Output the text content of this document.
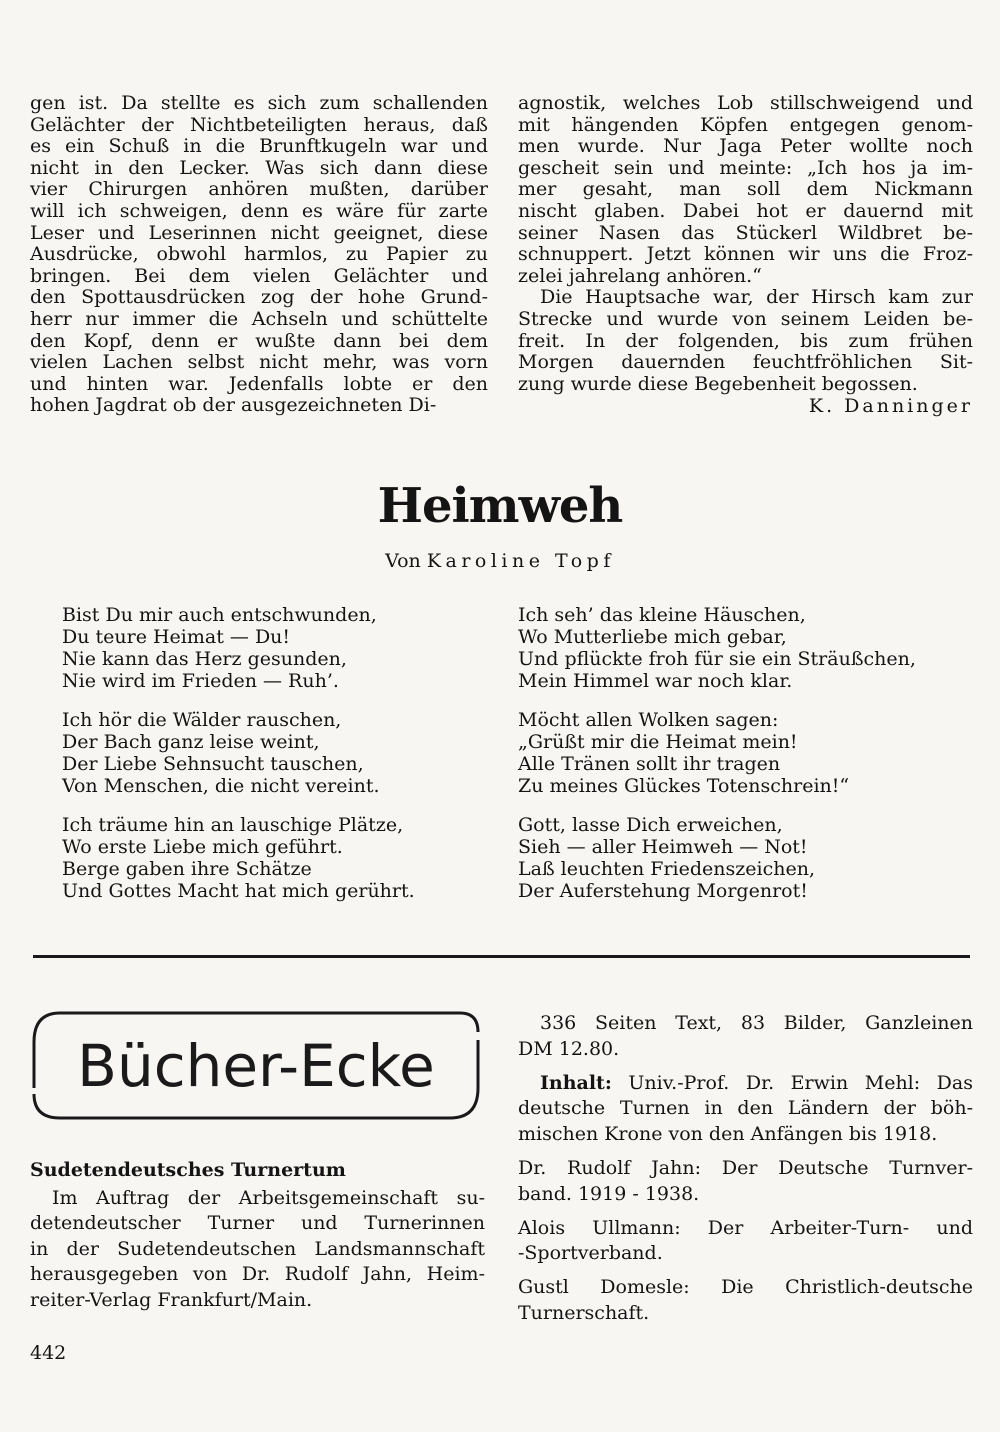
gen ist. Da stellte es sich zum schallenden
Gelächter der Nichtbeteiligten heraus, daß
es ein Schuß in die Brunftkugeln war und
nicht in den Lecker. Was sich dann diese
vier Chirurgen anhören mußten, darüber
will ich schweigen, denn es wäre für zarte
Leser und Leserinnen nicht geeignet, diese
Ausdrücke, obwohl harmlos, zu Papier zu
bringen. Bei dem vielen Gelächter und
den Spottausdrücken zog der hohe Grund-
herr nur immer die Achseln und schüttelte
den Kopf, denn er wußte dann bei dem
vielen Lachen selbst nicht mehr, was vorn
und hinten war. Jedenfalls lobte er den
hohen Jagdrat ob der ausgezeichneten Di-
agnostik, welches Lob stillschweigend und
mit hängenden Köpfen entgegen genom-
men wurde. Nur Jaga Peter wollte noch
gescheit sein und meinte: „Ich hos ja im-
mer gesaht, man soll dem Nickmann
nischt glaben. Dabei hot er dauernd mit
seiner Nasen das Stückerl Wildbret be-
schnuppert. Jetzt können wir uns die Froz-
zelei jahrelang anhören.“
Die Hauptsache war, der Hirsch kam zur
Strecke und wurde von seinem Leiden be-
freit. In der folgenden, bis zum frühen
Morgen dauernden feuchtfröhlichen Sit-
zung wurde diese Begebenheit begossen.
K. Danninger
Heimweh
Von Karoline Topf
Bist Du mir auch entschwunden,
Du teure Heimat — Du!
Nie kann das Herz gesunden,
Nie wird im Frieden — Ruh’.
Ich hör die Wälder rauschen,
Der Bach ganz leise weint,
Der Liebe Sehnsucht tauschen,
Von Menschen, die nicht vereint.
Ich träume hin an lauschige Plätze,
Wo erste Liebe mich geführt.
Berge gaben ihre Schätze
Und Gottes Macht hat mich gerührt.
Ich seh’ das kleine Häuschen,
Wo Mutterliebe mich gebar,
Und pflückte froh für sie ein Sträußchen,
Mein Himmel war noch klar.
Möcht allen Wolken sagen:
„Grüßt mir die Heimat mein!
Alle Tränen sollt ihr tragen
Zu meines Glückes Totenschrein!“
Gott, lasse Dich erweichen,
Sieh — aller Heimweh — Not!
Laß leuchten Friedenszeichen,
Der Auferstehung Morgenrot!
Bücher-Ecke
Sudetendeutsches Turnertum
Im Auftrag der Arbeitsgemeinschaft su-
detendeutscher Turner und Turnerinnen
in der Sudetendeutschen Landsmannschaft
herausgegeben von Dr. Rudolf Jahn, Heim-
reiter-Verlag Frankfurt/Main.

336 Seiten Text, 83 Bilder, Ganzleinen
DM 12.80.

Inhalt: Univ.-Prof. Dr. Erwin Mehl: Das
deutsche Turnen in den Ländern der böh-
mischen Krone von den Anfängen bis 1918.

Dr. Rudolf Jahn: Der Deutsche Turnver-
band. 1919 - 1938.

Alois Ullmann: Der Arbeiter-Turn- und
-Sportverband.

Gustl Domesle: Die Christlich-deutsche
Turnerschaft.

442
